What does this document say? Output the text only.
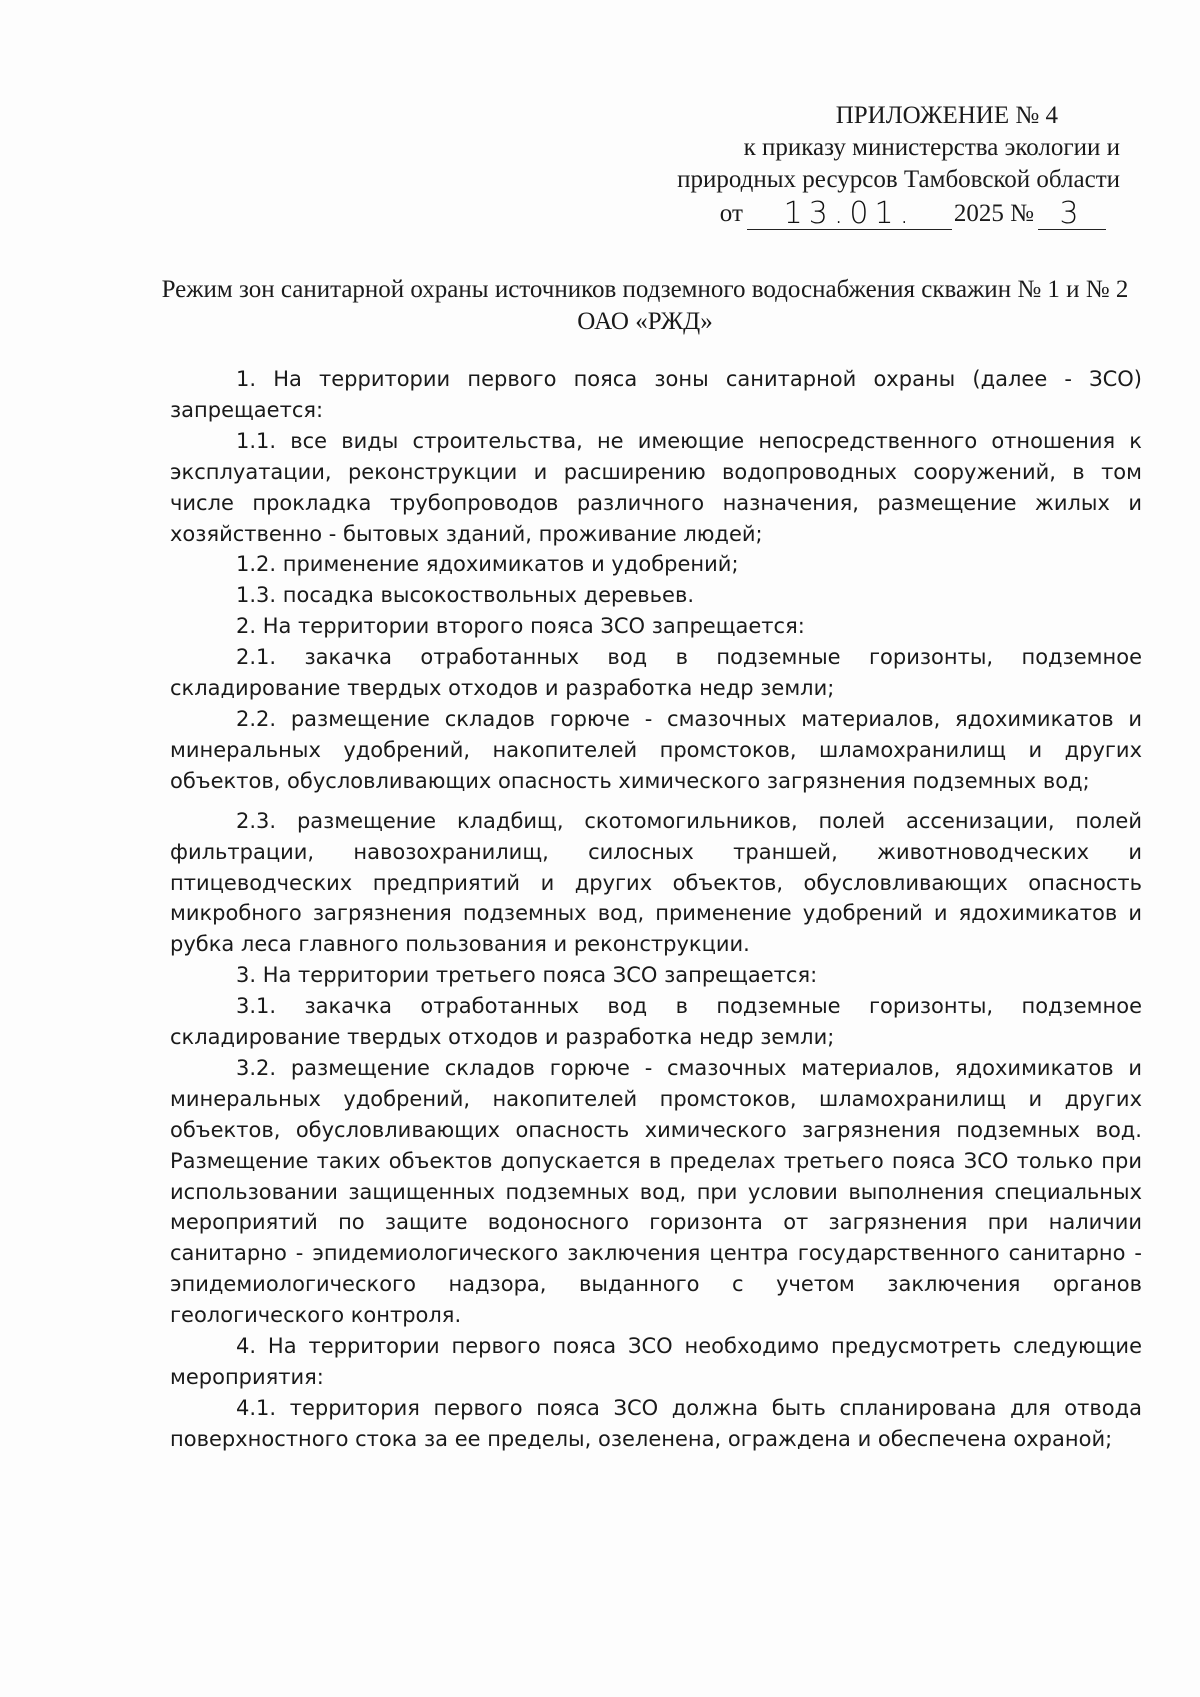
ПРИЛОЖЕНИЕ № 4
к приказу министерства экологии и
природных ресурсов Тамбовской области
от	13.01.	2025 № 3
Режим зон санитарной охраны источников подземного водоснабжения скважин № 1 и № 2 ОАО «РЖД»

1. На территории первого пояса зоны санитарной охраны (далее - ЗСО) запрещается:

1.1. все виды строительства, не имеющие непосредственного отношения к эксплуатации, реконструкции и расширению водопроводных сооружений, в том числе прокладка трубопроводов различного назначения, размещение жилых и хозяйственно - бытовых зданий, проживание людей;

1.2. применение ядохимикатов и удобрений;

1.3. посадка высокоствольных деревьев.

2. На территории второго пояса ЗСО запрещается:

2.1. закачка отработанных вод в подземные горизонты, подземное складирование твердых отходов и разработка недр земли;

2.2. размещение складов горюче - смазочных материалов, ядохимикатов и минеральных удобрений, накопителей промстоков, шламохранилищ и других объектов, обусловливающих опасность химического загрязнения подземных вод;

2.3. размещение кладбищ, скотомогильников, полей ассенизации, полей фильтрации, навозохранилищ, силосных траншей, животноводческих и птицеводческих предприятий и других объектов, обусловливающих опасность микробного загрязнения подземных вод, применение удобрений и ядохимикатов и рубка леса главного пользования и реконструкции.

3. На территории третьего пояса ЗСО запрещается:

3.1. закачка отработанных вод в подземные горизонты, подземное складирование твердых отходов и разработка недр земли;

3.2. размещение складов горюче - смазочных материалов, ядохимикатов и минеральных удобрений, накопителей промстоков, шламохранилищ и других объектов, обусловливающих опасность химического загрязнения подземных вод. Размещение таких объектов допускается в пределах третьего пояса ЗСО только при использовании защищенных подземных вод, при условии выполнения специальных мероприятий по защите водоносного горизонта от загрязнения при наличии санитарно - эпидемиологического заключения центра государственного санитарно - эпидемиологического надзора, выданного с учетом заключения органов геологического контроля.

4. На территории первого пояса ЗСО необходимо предусмотреть следующие мероприятия:

4.1. территория первого пояса ЗСО должна быть спланирована для отвода поверхностного стока за ее пределы, озеленена, ограждена и обеспечена охраной;
